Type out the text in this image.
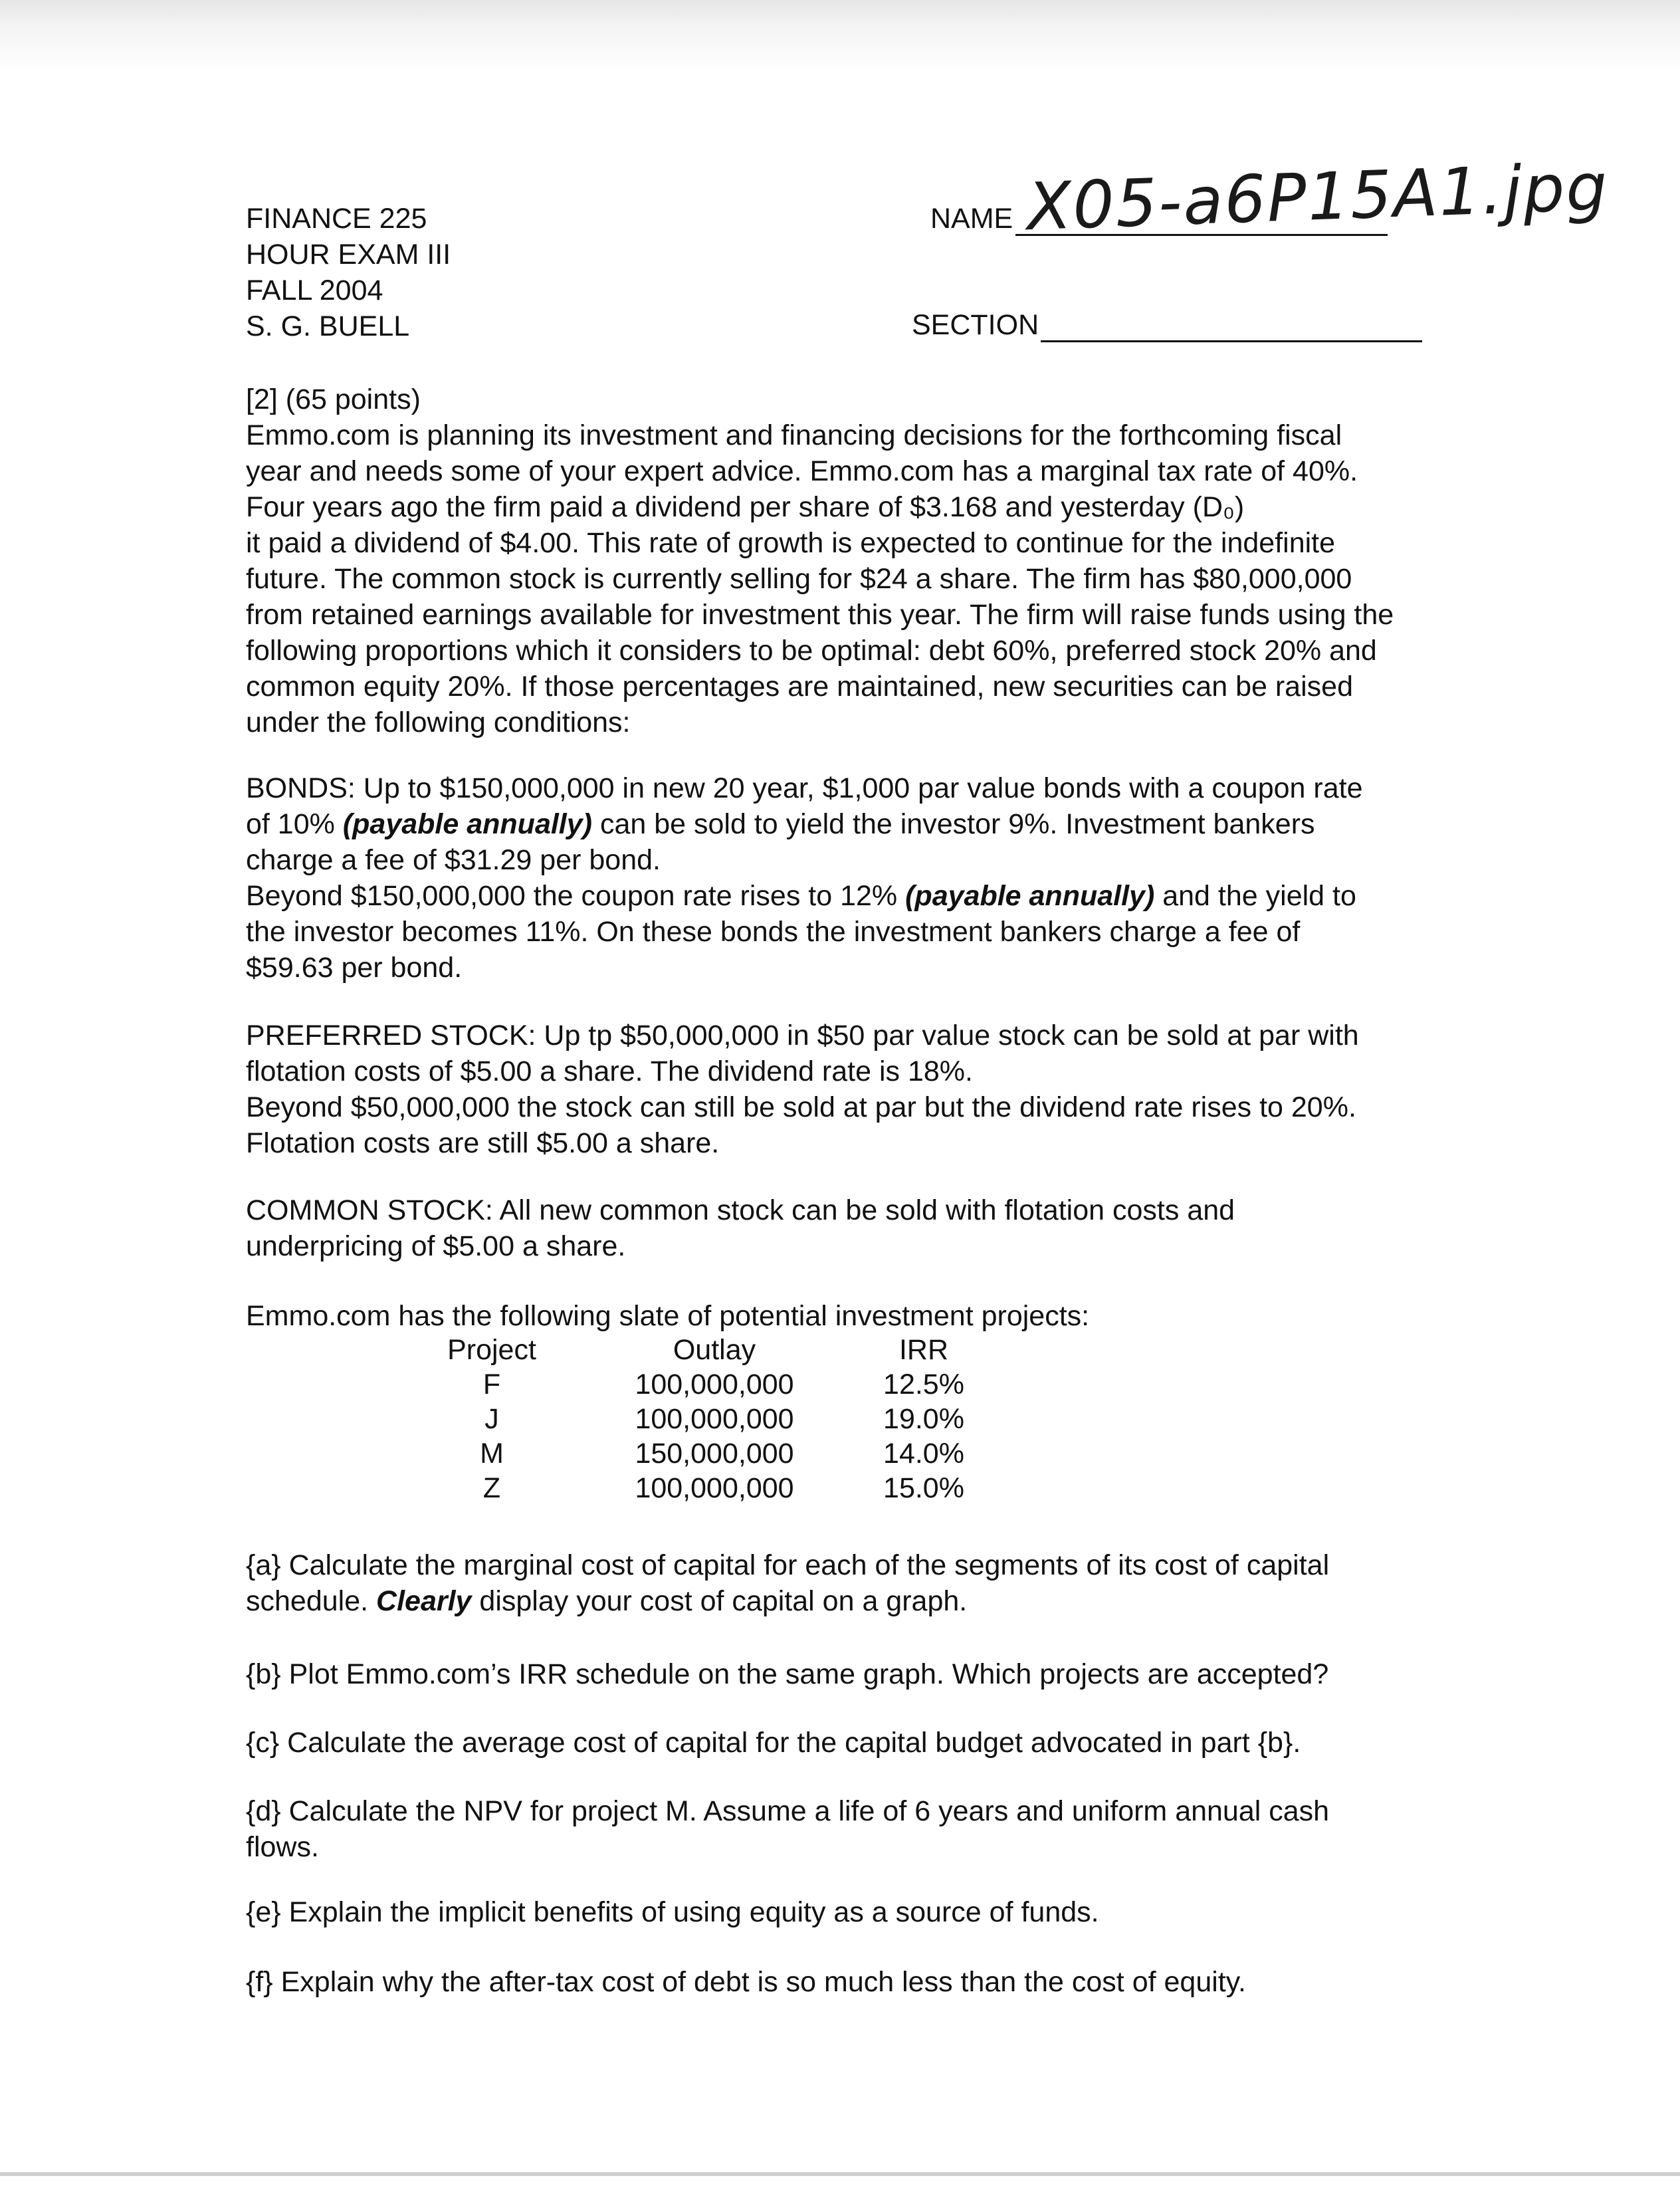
FINANCE 225
HOUR EXAM III
FALL 2004
S. G. BUELL
NAME X05-a6P15A1.jpg
SECTION

[2] (65 points)

Emmo.com is planning its investment and financing decisions for the forthcoming fiscal

year and needs some of your expert advice. Emmo.com has a marginal tax rate of 40%.

Four years ago the firm paid a dividend per share of $3.168 and yesterday (D₀)

it paid a dividend of $4.00. This rate of growth is expected to continue for the indefinite

future. The common stock is currently selling for $24 a share. The firm has $80,000,000

from retained earnings available for investment this year. The firm will raise funds using the

following proportions which it considers to be optimal: debt 60%, preferred stock 20% and

common equity 20%. If those percentages are maintained, new securities can be raised

under the following conditions:

BONDS: Up to $150,000,000 in new 20 year, $1,000 par value bonds with a coupon rate

of 10% (payable annually) can be sold to yield the investor 9%. Investment bankers

charge a fee of $31.29 per bond.

Beyond $150,000,000 the coupon rate rises to 12% (payable annually) and the yield to

the investor becomes 11%. On these bonds the investment bankers charge a fee of

$59.63 per bond.

PREFERRED STOCK: Up tp $50,000,000 in $50 par value stock can be sold at par with

flotation costs of $5.00 a share. The dividend rate is 18%.

Beyond $50,000,000 the stock can still be sold at par but the dividend rate rises to 20%.

Flotation costs are still $5.00 a share.

COMMON STOCK: All new common stock can be sold with flotation costs and

underpricing of $5.00 a share.

Emmo.com has the following slate of potential investment projects:

Project	Outlay	IRR
F	100,000,000	12.5%
J	100,000,000	19.0%
M	150,000,000	14.0%
Z	100,000,000	15.0%

{a} Calculate the marginal cost of capital for each of the segments of its cost of capital

schedule. Clearly display your cost of capital on a graph.

{b} Plot Emmo.com’s IRR schedule on the same graph. Which projects are accepted?

{c} Calculate the average cost of capital for the capital budget advocated in part {b}.

{d} Calculate the NPV for project M. Assume a life of 6 years and uniform annual cash

flows.

{e} Explain the implicit benefits of using equity as a source of funds.

{f} Explain why the after-tax cost of debt is so much less than the cost of equity.
